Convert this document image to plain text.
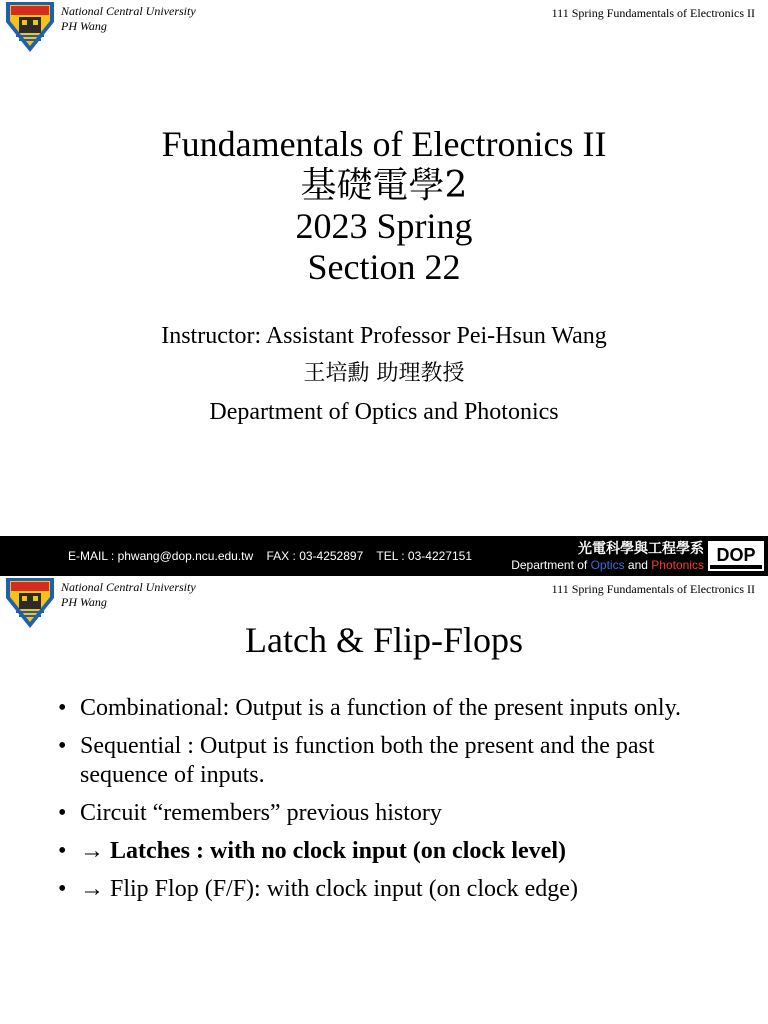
National Central University
PH Wang
111 Spring Fundamentals of Electronics II
Fundamentals of Electronics II
基礎電學2
2023 Spring
Section 22
Instructor: Assistant Professor Pei-Hsun Wang
王培勳 助理教授
Department of Optics and Photonics
E-MAIL : phwang@dop.ncu.edu.tw    FAX : 03-4252897    TEL : 03-4227151	光電科學與工程學系
Department of Optics and Photonics DOP
National Central University
PH Wang
111 Spring Fundamentals of Electronics II
Latch & Flip-Flops
• Combinational: Output is a function of the present inputs only.
• Sequential : Output is function both the present and the past sequence of inputs.
• Circuit “remembers” previous history
• → Latches : with no clock input (on clock level)
• → Flip Flop (F/F): with clock input (on clock edge)
